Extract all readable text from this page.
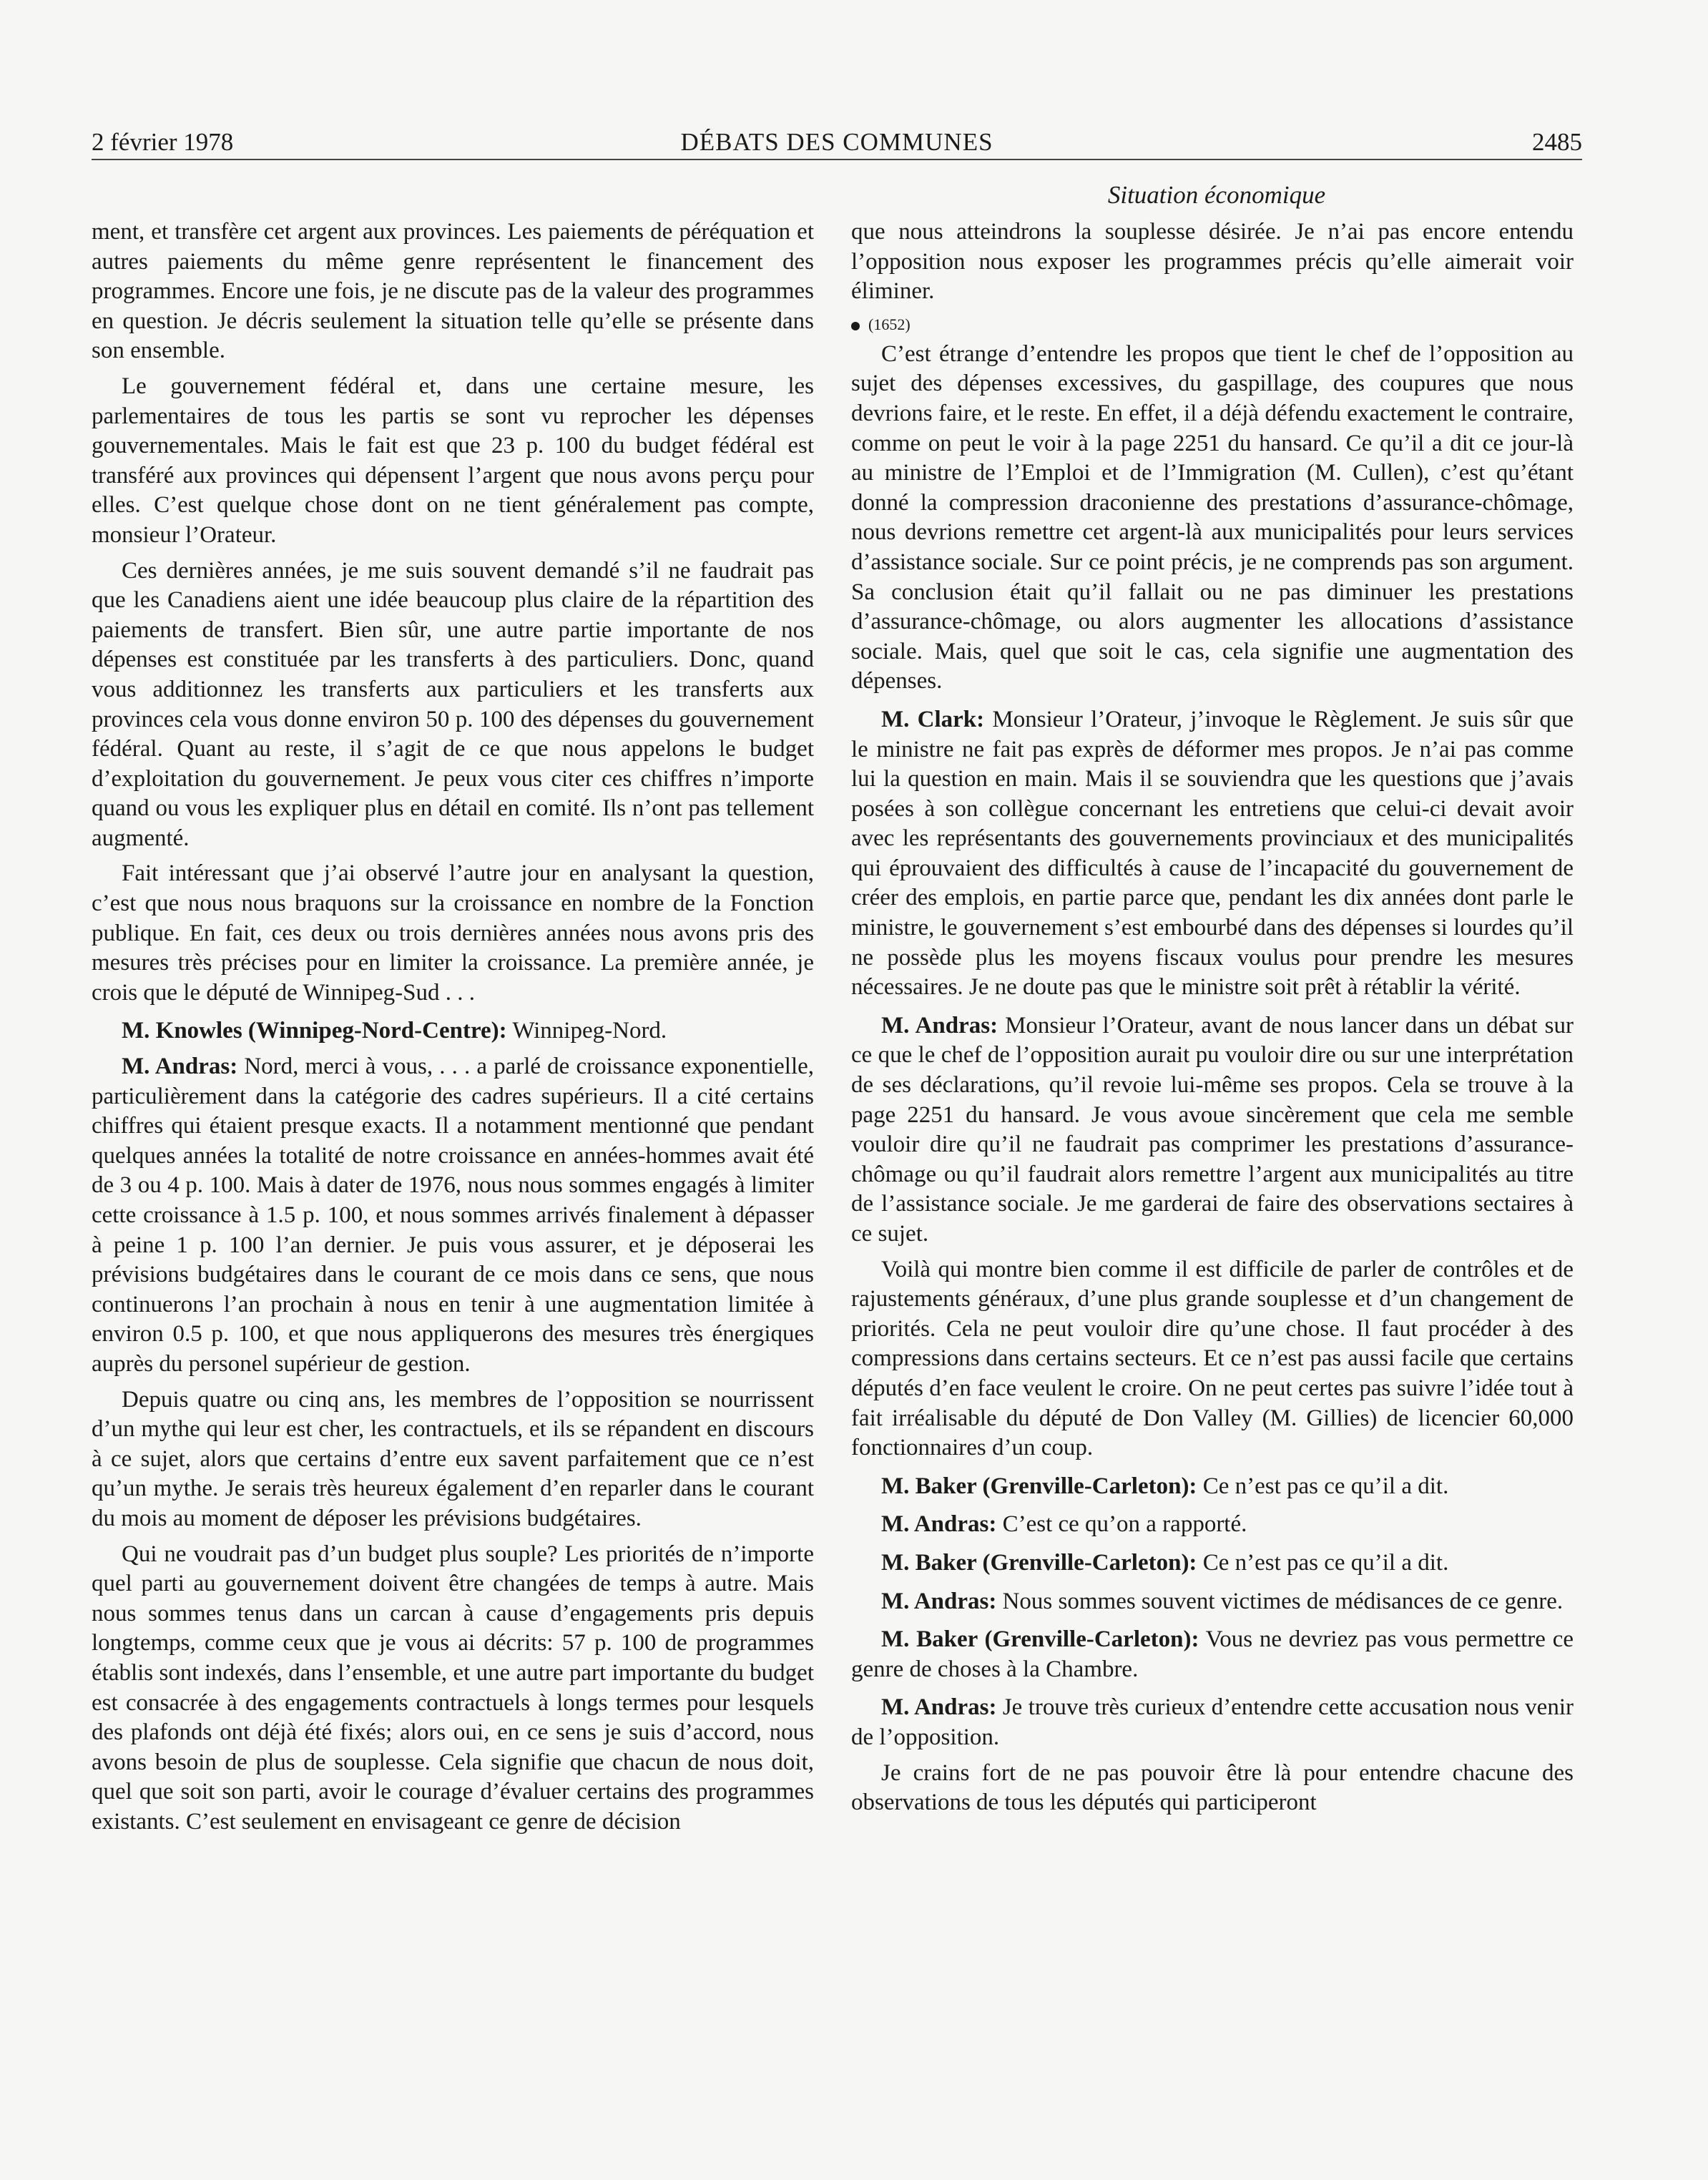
2 février 1978	DÉBATS DES COMMUNES	2485
Situation économique

ment, et transfère cet argent aux provinces. Les paiements de péréquation et autres paiements du même genre représentent le financement des programmes. Encore une fois, je ne discute pas de la valeur des programmes en question. Je décris seulement la situation telle qu’elle se présente dans son ensemble.

Le gouvernement fédéral et, dans une certaine mesure, les parlementaires de tous les partis se sont vu reprocher les dépenses gouvernementales. Mais le fait est que 23 p. 100 du budget fédéral est transféré aux provinces qui dépensent l’argent que nous avons perçu pour elles. C’est quelque chose dont on ne tient généralement pas compte, monsieur l’Orateur.

Ces dernières années, je me suis souvent demandé s’il ne faudrait pas que les Canadiens aient une idée beaucoup plus claire de la répartition des paiements de transfert. Bien sûr, une autre partie importante de nos dépenses est constituée par les transferts à des particuliers. Donc, quand vous additionnez les transferts aux particuliers et les transferts aux provinces cela vous donne environ 50 p. 100 des dépenses du gouvernement fédéral. Quant au reste, il s’agit de ce que nous appelons le budget d’exploitation du gouvernement. Je peux vous citer ces chiffres n’importe quand ou vous les expliquer plus en détail en comité. Ils n’ont pas tellement augmenté.

Fait intéressant que j’ai observé l’autre jour en analysant la question, c’est que nous nous braquons sur la croissance en nombre de la Fonction publique. En fait, ces deux ou trois dernières années nous avons pris des mesures très précises pour en limiter la croissance. La première année, je crois que le député de Winnipeg-Sud . . .

M. Knowles (Winnipeg-Nord-Centre): Winnipeg-Nord.

M. Andras: Nord, merci à vous, . . . a parlé de croissance exponentielle, particulièrement dans la catégorie des cadres supérieurs. Il a cité certains chiffres qui étaient presque exacts. Il a notamment mentionné que pendant quelques années la totalité de notre croissance en années-hommes avait été de 3 ou 4 p. 100. Mais à dater de 1976, nous nous sommes engagés à limiter cette croissance à 1.5 p. 100, et nous sommes arrivés finalement à dépasser à peine 1 p. 100 l’an dernier. Je puis vous assurer, et je déposerai les prévisions budgétaires dans le courant de ce mois dans ce sens, que nous continuerons l’an prochain à nous en tenir à une augmentation limitée à environ 0.5 p. 100, et que nous appliquerons des mesures très énergiques auprès du personel supérieur de gestion.

Depuis quatre ou cinq ans, les membres de l’opposition se nourrissent d’un mythe qui leur est cher, les contractuels, et ils se répandent en discours à ce sujet, alors que certains d’entre eux savent parfaitement que ce n’est qu’un mythe. Je serais très heureux également d’en reparler dans le courant du mois au moment de déposer les prévisions budgétaires.

Qui ne voudrait pas d’un budget plus souple? Les priorités de n’importe quel parti au gouvernement doivent être changées de temps à autre. Mais nous sommes tenus dans un carcan à cause d’engagements pris depuis longtemps, comme ceux que je vous ai décrits: 57 p. 100 de programmes établis sont indexés, dans l’ensemble, et une autre part importante du budget est consacrée à des engagements contractuels à longs termes pour lesquels des plafonds ont déjà été fixés; alors oui, en ce sens je suis d’accord, nous avons besoin de plus de souplesse. Cela signifie que chacun de nous doit, quel que soit son parti, avoir le courage d’évaluer certains des programmes existants. C’est seulement en envisageant ce genre de décision

que nous atteindrons la souplesse désirée. Je n’ai pas encore entendu l’opposition nous exposer les programmes précis qu’elle aimerait voir éliminer.

(1652)

C’est étrange d’entendre les propos que tient le chef de l’opposition au sujet des dépenses excessives, du gaspillage, des coupures que nous devrions faire, et le reste. En effet, il a déjà défendu exactement le contraire, comme on peut le voir à la page 2251 du hansard. Ce qu’il a dit ce jour-là au ministre de l’Emploi et de l’Immigration (M. Cullen), c’est qu’étant donné la compression draconienne des prestations d’assurance-chômage, nous devrions remettre cet argent-là aux municipalités pour leurs services d’assistance sociale. Sur ce point précis, je ne comprends pas son argument. Sa conclusion était qu’il fallait ou ne pas diminuer les prestations d’assurance-chômage, ou alors augmenter les allocations d’assistance sociale. Mais, quel que soit le cas, cela signifie une augmentation des dépenses.

M. Clark: Monsieur l’Orateur, j’invoque le Règlement. Je suis sûr que le ministre ne fait pas exprès de déformer mes propos. Je n’ai pas comme lui la question en main. Mais il se souviendra que les questions que j’avais posées à son collègue concernant les entretiens que celui-ci devait avoir avec les représentants des gouvernements provinciaux et des municipalités qui éprouvaient des difficultés à cause de l’incapacité du gouvernement de créer des emplois, en partie parce que, pendant les dix années dont parle le ministre, le gouvernement s’est embourbé dans des dépenses si lourdes qu’il ne possède plus les moyens fiscaux voulus pour prendre les mesures nécessaires. Je ne doute pas que le ministre soit prêt à rétablir la vérité.

M. Andras: Monsieur l’Orateur, avant de nous lancer dans un débat sur ce que le chef de l’opposition aurait pu vouloir dire ou sur une interprétation de ses déclarations, qu’il revoie lui-même ses propos. Cela se trouve à la page 2251 du hansard. Je vous avoue sincèrement que cela me semble vouloir dire qu’il ne faudrait pas comprimer les prestations d’assurance-chômage ou qu’il faudrait alors remettre l’argent aux municipalités au titre de l’assistance sociale. Je me garderai de faire des observations sectaires à ce sujet.

Voilà qui montre bien comme il est difficile de parler de contrôles et de rajustements généraux, d’une plus grande souplesse et d’un changement de priorités. Cela ne peut vouloir dire qu’une chose. Il faut procéder à des compressions dans certains secteurs. Et ce n’est pas aussi facile que certains députés d’en face veulent le croire. On ne peut certes pas suivre l’idée tout à fait irréalisable du député de Don Valley (M. Gillies) de licencier 60,000 fonctionnaires d’un coup.

M. Baker (Grenville-Carleton): Ce n’est pas ce qu’il a dit.

M. Andras: C’est ce qu’on a rapporté.

M. Baker (Grenville-Carleton): Ce n’est pas ce qu’il a dit.

M. Andras: Nous sommes souvent victimes de médisances de ce genre.

M. Baker (Grenville-Carleton): Vous ne devriez pas vous permettre ce genre de choses à la Chambre.

M. Andras: Je trouve très curieux d’entendre cette accusation nous venir de l’opposition.

Je crains fort de ne pas pouvoir être là pour entendre chacune des observations de tous les députés qui participeront
